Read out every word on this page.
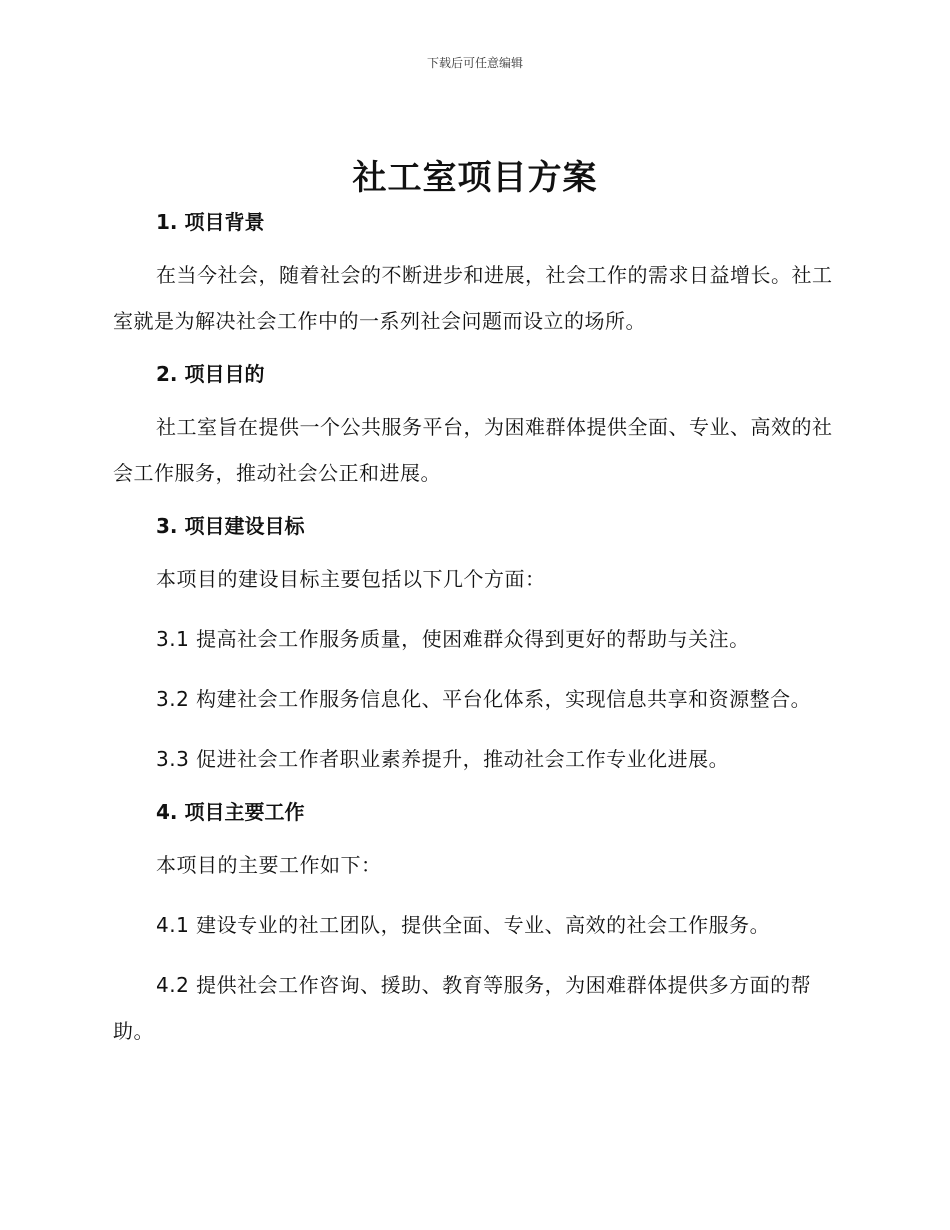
下载后可任意编辑
社工室项目方案
1. 项目背景

在当今社会，随着社会的不断进步和进展，社会工作的需求日益增长。社工室就是为解决社会工作中的一系列社会问题而设立的场所。

2. 项目目的

社工室旨在提供一个公共服务平台，为困难群体提供全面、专业、高效的社会工作服务，推动社会公正和进展。

3. 项目建设目标

本项目的建设目标主要包括以下几个方面：

3.1 提高社会工作服务质量，使困难群众得到更好的帮助与关注。

3.2 构建社会工作服务信息化、平台化体系，实现信息共享和资源整合。

3.3 促进社会工作者职业素养提升，推动社会工作专业化进展。

4. 项目主要工作

本项目的主要工作如下：

4.1 建设专业的社工团队，提供全面、专业、高效的社会工作服务。

4.2 提供社会工作咨询、援助、教育等服务，为困难群体提供多方面的帮助。
